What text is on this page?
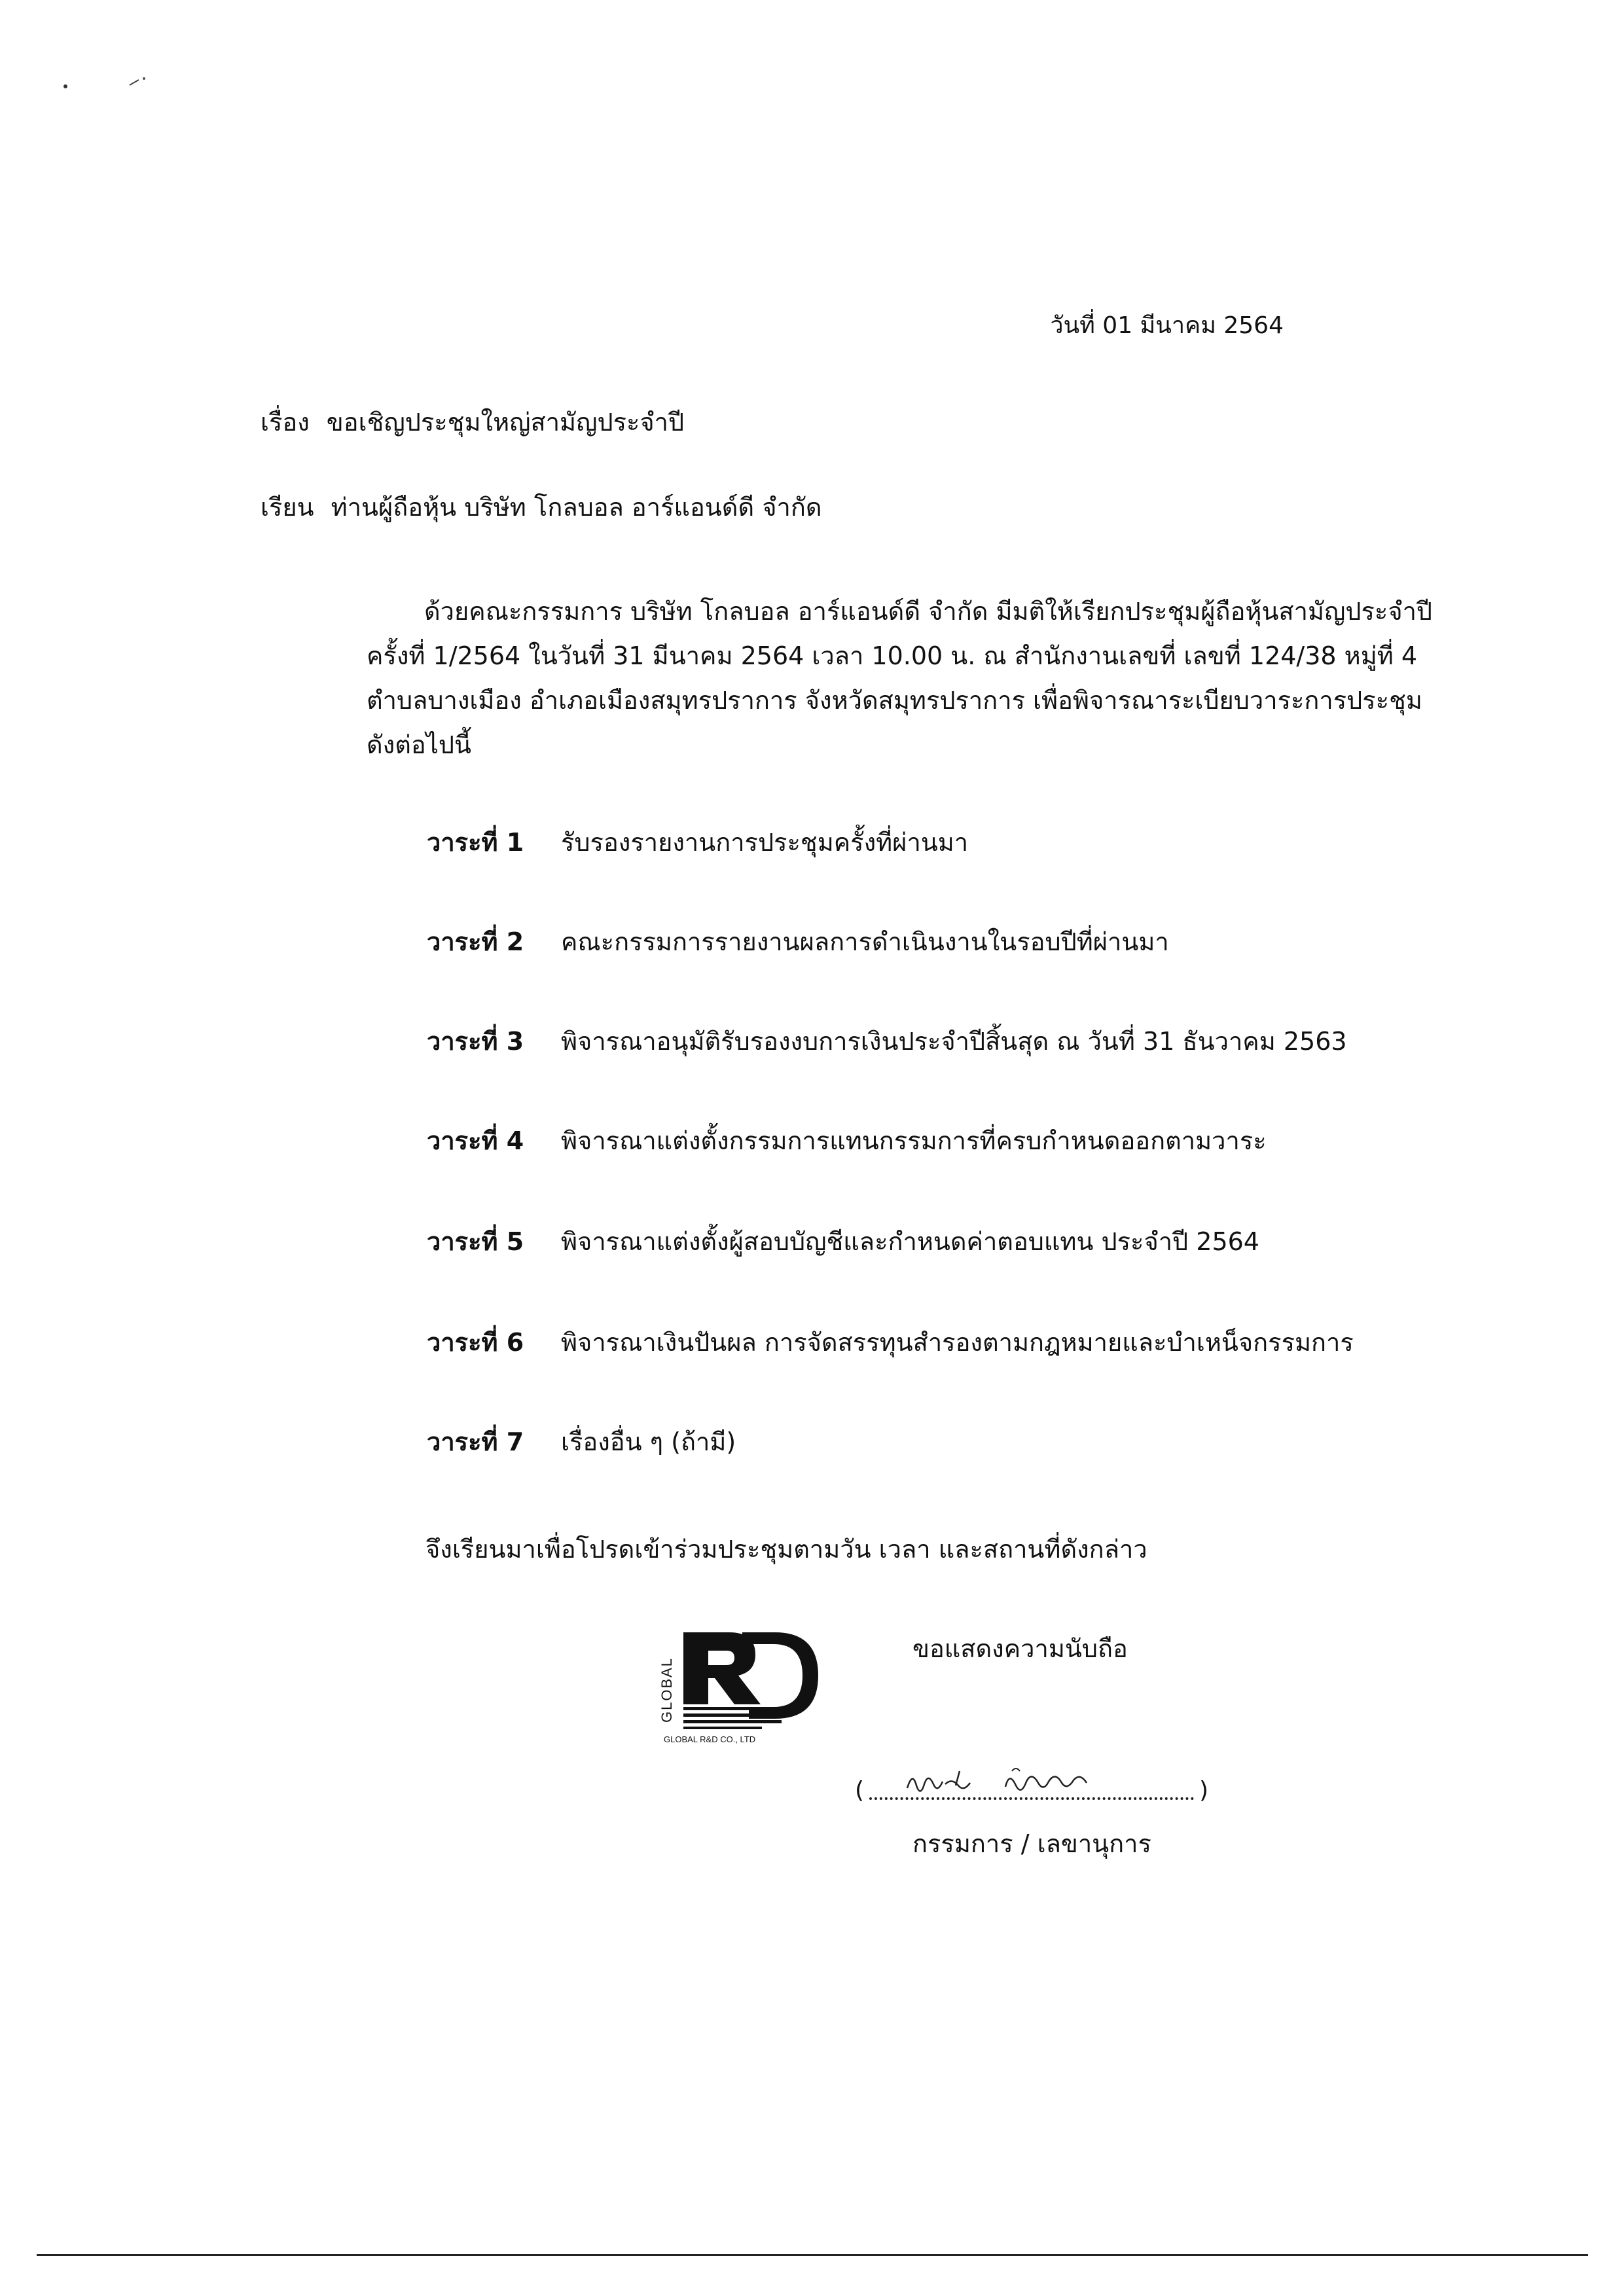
วันที่ 01 มีนาคม 2564
เรื่อง ขอเชิญประชุมใหญ่สามัญประจำปี
เรียน ท่านผู้ถือหุ้น บริษัท โกลบอล อาร์แอนด์ดี จำกัด
ด้วยคณะกรรมการ บริษัท โกลบอล อาร์แอนด์ดี จำกัด มีมติให้เรียกประชุมผู้ถือหุ้นสามัญประจำปี
ครั้งที่ 1/2564 ในวันที่ 31 มีนาคม 2564 เวลา 10.00 น. ณ สำนักงานเลขที่ เลขที่ 124/38 หมู่ที่ 4
ตำบลบางเมือง อำเภอเมืองสมุทรปราการ จังหวัดสมุทรปราการ เพื่อพิจารณาระเบียบวาระการประชุม
ดังต่อไปนี้
วาระที่ 1 รับรองรายงานการประชุมครั้งที่ผ่านมา
วาระที่ 2 คณะกรรมการรายงานผลการดำเนินงานในรอบปีที่ผ่านมา
วาระที่ 3 พิจารณาอนุมัติรับรองงบการเงินประจำปีสิ้นสุด ณ วันที่ 31 ธันวาคม 2563
วาระที่ 4 พิจารณาแต่งตั้งกรรมการแทนกรรมการที่ครบกำหนดออกตามวาระ
วาระที่ 5 พิจารณาแต่งตั้งผู้สอบบัญชีและกำหนดค่าตอบแทน ประจำปี 2564
วาระที่ 6 พิจารณาเงินปันผล การจัดสรรทุนสำรองตามกฎหมายและบำเหน็จกรรมการ
วาระที่ 7 เรื่องอื่น ๆ (ถ้ามี)
จึงเรียนมาเพื่อโปรดเข้าร่วมประชุมตามวัน เวลา และสถานที่ดังกล่าว
GLOBAL
GLOBAL R&D CO., LTD
ขอแสดงความนับถือ
(	)
กรรมการ / เลขานุการ
